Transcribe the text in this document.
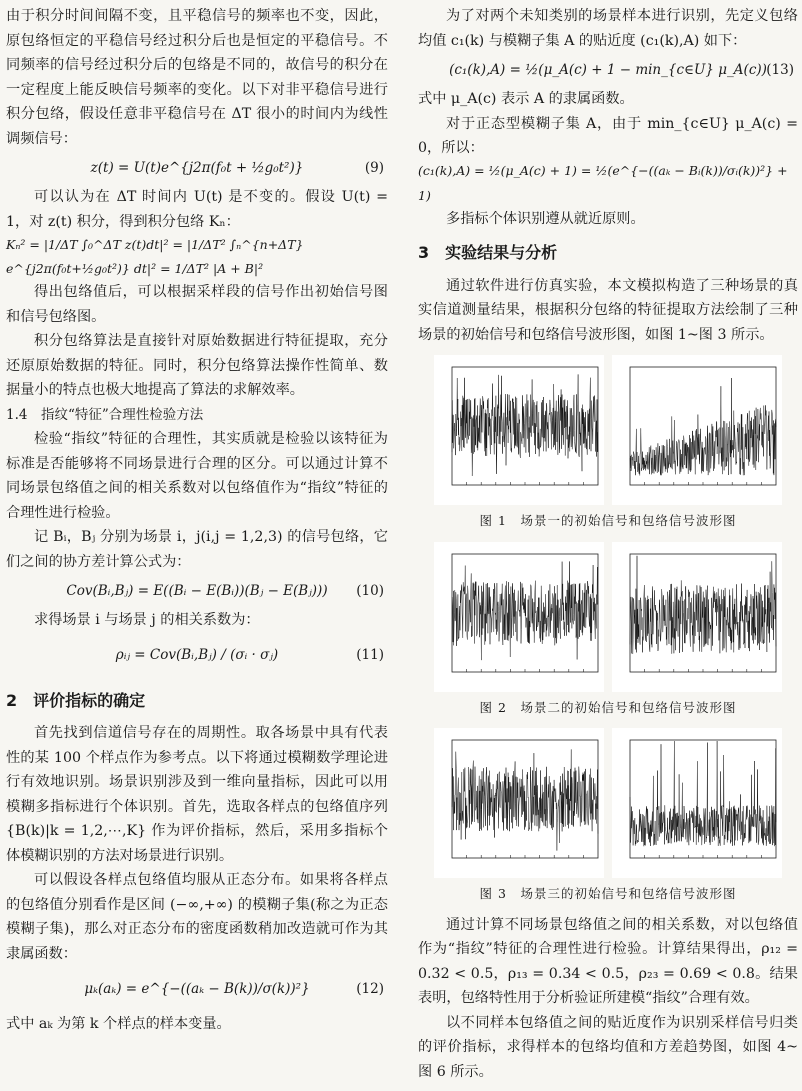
由于积分时间间隔不变，且平稳信号的频率也不变，因此，原包络恒定的平稳信号经过积分后也是恒定的平稳信号。不同频率的信号经过积分后的包络是不同的，故信号的积分在一定程度上能反映信号频率的变化。以下对非平稳信号进行积分包络，假设任意非平稳信号在 ΔT 很小的时间内为线性调频信号：

z(t) = U(t)e^{j2π(f₀t + ½g₀t²)}	(9)

可以认为在 ΔT 时间内 U(t) 是不变的。假设 U(t) = 1，对 z(t) 积分，得到积分包络 Kₙ：

Kₙ² = |1/ΔT ∫₀^ΔT z(t)dt|² = |1/ΔT² ∫ₙ^{n+ΔT} e^{j2π(f₀t+½g₀t²)} dt|² = 1/ΔT² |A + B|²

得出包络值后，可以根据采样段的信号作出初始信号图和信号包络图。

积分包络算法是直接针对原始数据进行特征提取，充分还原原始数据的特征。同时，积分包络算法操作性简单、数据量小的特点也极大地提高了算法的求解效率。

1.4　指纹“特征”合理性检验方法

检验“指纹”特征的合理性，其实质就是检验以该特征为标准是否能够将不同场景进行合理的区分。可以通过计算不同场景包络值之间的相关系数对以包络值作为“指纹”特征的合理性进行检验。

记 Bᵢ，Bⱼ 分别为场景 i，j(i,j = 1,2,3) 的信号包络，它们之间的协方差计算公式为：

Cov(Bᵢ,Bⱼ) = E((Bᵢ − E(Bᵢ))(Bⱼ − E(Bⱼ))) (10)

求得场景 i 与场景 j 的相关系数为：

ρᵢⱼ = Cov(Bᵢ,Bⱼ) / (σᵢ · σⱼ)	(11)
2　评价指标的确定

首先找到信道信号存在的周期性。取各场景中具有代表性的某 100 个样点作为参考点。以下将通过模糊数学理论进行有效地识别。场景识别涉及到一维向量指标，因此可以用模糊多指标进行个体识别。首先，选取各样点的包络值序列 {B(k)|k = 1,2,⋯,K} 作为评价指标，然后，采用多指标个体模糊识别的方法对场景进行识别。

可以假设各样点包络值均服从正态分布。如果将各样点的包络值分别看作是区间 (−∞,+∞) 的模糊子集(称之为正态模糊子集)，那么对正态分布的密度函数稍加改造就可作为其隶属函数：

μₖ(aₖ) = e^{−((aₖ − B(k))/σ(k))²}	(12)

式中 aₖ 为第 k 个样点的样本变量。

为了对两个未知类别的场景样本进行识别，先定义包络均值 c₁(k) 与模糊子集 A 的贴近度 (c₁(k),A) 如下：

(c₁(k),A) = ½(μ_A(c) + 1 − min_{c∈U} μ_A(c)) (13)

式中 μ_A(c) 表示 A 的隶属函数。

对于正态型模糊子集 A，由于 min_{c∈U} μ_A(c) = 0，所以：

(c₁(k),A) = ½(μ_A(c) + 1) = ½(e^{−((aₖ − Bᵢ(k))/σᵢ(k))²} + 1)

多指标个体识别遵从就近原则。

3　实验结果与分析

通过软件进行仿真实验，本文模拟构造了三种场景的真实信道测量结果，根据积分包络的特征提取方法绘制了三种场景的初始信号和包络信号波形图，如图 1~图 3 所示。

图 1　场景一的初始信号和包络信号波形图
图 2　场景二的初始信号和包络信号波形图
图 3　场景三的初始信号和包络信号波形图

通过计算不同场景包络值之间的相关系数，对以包络值作为“指纹”特征的合理性进行检验。计算结果得出，ρ₁₂ = 0.32 < 0.5，ρ₁₃ = 0.34 < 0.5，ρ₂₃ = 0.69 < 0.8。结果表明，包络特性用于分析验证所建模“指纹”合理有效。

以不同样本包络值之间的贴近度作为识别采样信号归类的评价指标，求得样本的包络均值和方差趋势图，如图 4~图 6 所示。
